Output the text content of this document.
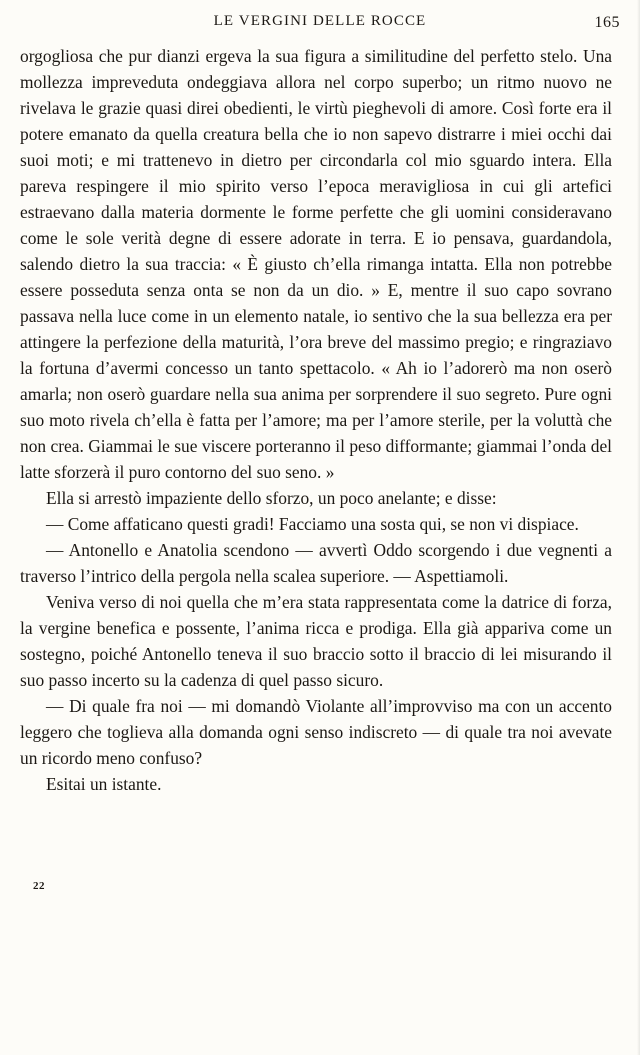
LE VERGINI DELLE ROCCE	165

orgogliosa che pur dianzi ergeva la sua figura a similitudine del perfetto stelo. Una mollezza impreveduta ondeggiava allora nel corpo superbo; un ritmo nuovo ne rivelava le grazie quasi direi obedienti, le virtù pieghevoli di amore. Così forte era il potere emanato da quella creatura bella che io non sapevo distrarre i miei occhi dai suoi moti; e mi trattenevo in dietro per circondarla col mio sguardo intera. Ella pareva respingere il mio spirito verso l’epoca meravigliosa in cui gli artefici estraevano dalla materia dormente le forme perfette che gli uomini consideravano come le sole verità degne di essere adorate in terra. E io pensava, guardandola, salendo dietro la sua traccia: « È giusto ch’ella rimanga intatta. Ella non potrebbe essere posseduta senza onta se non da un dio. » E, mentre il suo capo sovrano passava nella luce come in un elemento natale, io sentivo che la sua bellezza era per attingere la perfezione della maturità, l’ora breve del massimo pregio; e ringraziavo la fortuna d’avermi concesso un tanto spettacolo. « Ah io l’adorerò ma non oserò amarla; non oserò guardare nella sua anima per sorprendere il suo segreto. Pure ogni suo moto rivela ch’ella è fatta per l’amore; ma per l’amore sterile, per la voluttà che non crea. Giammai le sue viscere porteranno il peso difformante; giammai l’onda del latte sforzerà il puro contorno del suo seno. »

Ella si arrestò impaziente dello sforzo, un poco anelante; e disse:

— Come affaticano questi gradi! Facciamo una sosta qui, se non vi dispiace.

— Antonello e Anatolia scendono — avvertì Oddo scorgendo i due vegnenti a traverso l’intrico della pergola nella scalea superiore. — Aspettiamoli.

Veniva verso di noi quella che m’era stata rappresentata come la datrice di forza, la vergine benefica e possente, l’anima ricca e prodiga. Ella già appariva come un sostegno, poiché Antonello teneva il suo braccio sotto il braccio di lei misurando il suo passo incerto su la cadenza di quel passo sicuro.

— Di quale fra noi — mi domandò Violante all’improvviso ma con un accento leggero che toglieva alla domanda ogni senso indiscreto — di quale tra noi avevate un ricordo meno confuso?

Esitai un istante.

22
